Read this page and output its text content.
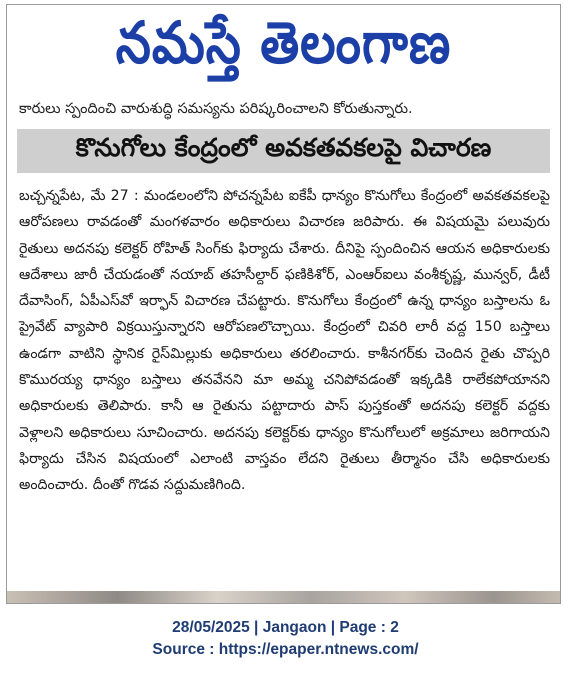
నమస్తే తెలంగాణ
కారులు స్పందించి వారుశుద్ధి సమస్యను పరిష్కరించాలని కోరుతున్నారు.
కొనుగోలు కేంద్రంలో అవకతవకలపై విచారణ
బచ్చన్నపేట, మే 27 : మండలంలోని పోచన్నపేట ఐకేపీ ధాన్యం కొనుగోలు కేంద్రంలో అవకతవకలపై ఆరోపణలు రావడంతో మంగళవారం అధికారులు విచారణ జరిపారు. ఈ విషయమై పలువురు రైతులు అదనపు కలెక్టర్ రోహిత్ సింగ్‌కు ఫిర్యాదు చేశారు. దీనిపై స్పందించిన ఆయన అధికారులకు ఆదేశాలు జారీ చేయడంతో నయాబ్ తహసీల్దార్ ఫణికిశోర్, ఎంఆర్ఐలు వంశీకృష్ణ, మున్వర్, డీటీ దేవాసింగ్, ఏపీఎస్‌వో ఇర్ఫాన్ విచారణ చేపట్టారు. కొనుగోలు కేంద్రంలో ఉన్న ధాన్యం బస్తాలను ఓ ప్రైవేట్ వ్యాపారి విక్రయిస్తున్నారని ఆరోపణలొచ్చాయి. కేంద్రంలో చివరి లారీ వద్ద 150 బస్తాలు ఉండగా వాటిని స్థానిక రైస్‌మిల్లుకు అధికారులు తరలించారు. కాశీనగర్‌కు చెందిన రైతు చొప్పరి కొమురయ్య ధాన్యం బస్తాలు తనవేనని మా అమ్మ చనిపోవడంతో ఇక్కడికి రాలేకపోయానని అధికారులకు తెలిపారు. కానీ ఆ రైతును పట్టాదారు పాస్ పుస్తకంతో అదనపు కలెక్టర్ వద్దకు వెళ్లాలని అధికారులు సూచించారు. అదనపు కలెక్టర్‌కు ధాన్యం కొనుగోలులో అక్రమాలు జరిగాయని ఫిర్యాదు చేసిన విషయంలో ఎలాంటి వాస్తవం లేదని రైతులు తీర్మానం చేసి అధికారులకు అందించారు. దీంతో గొడవ సద్దుమణిగింది.
28/05/2025 | Jangaon | Page : 2
Source : https://epaper.ntnews.com/
